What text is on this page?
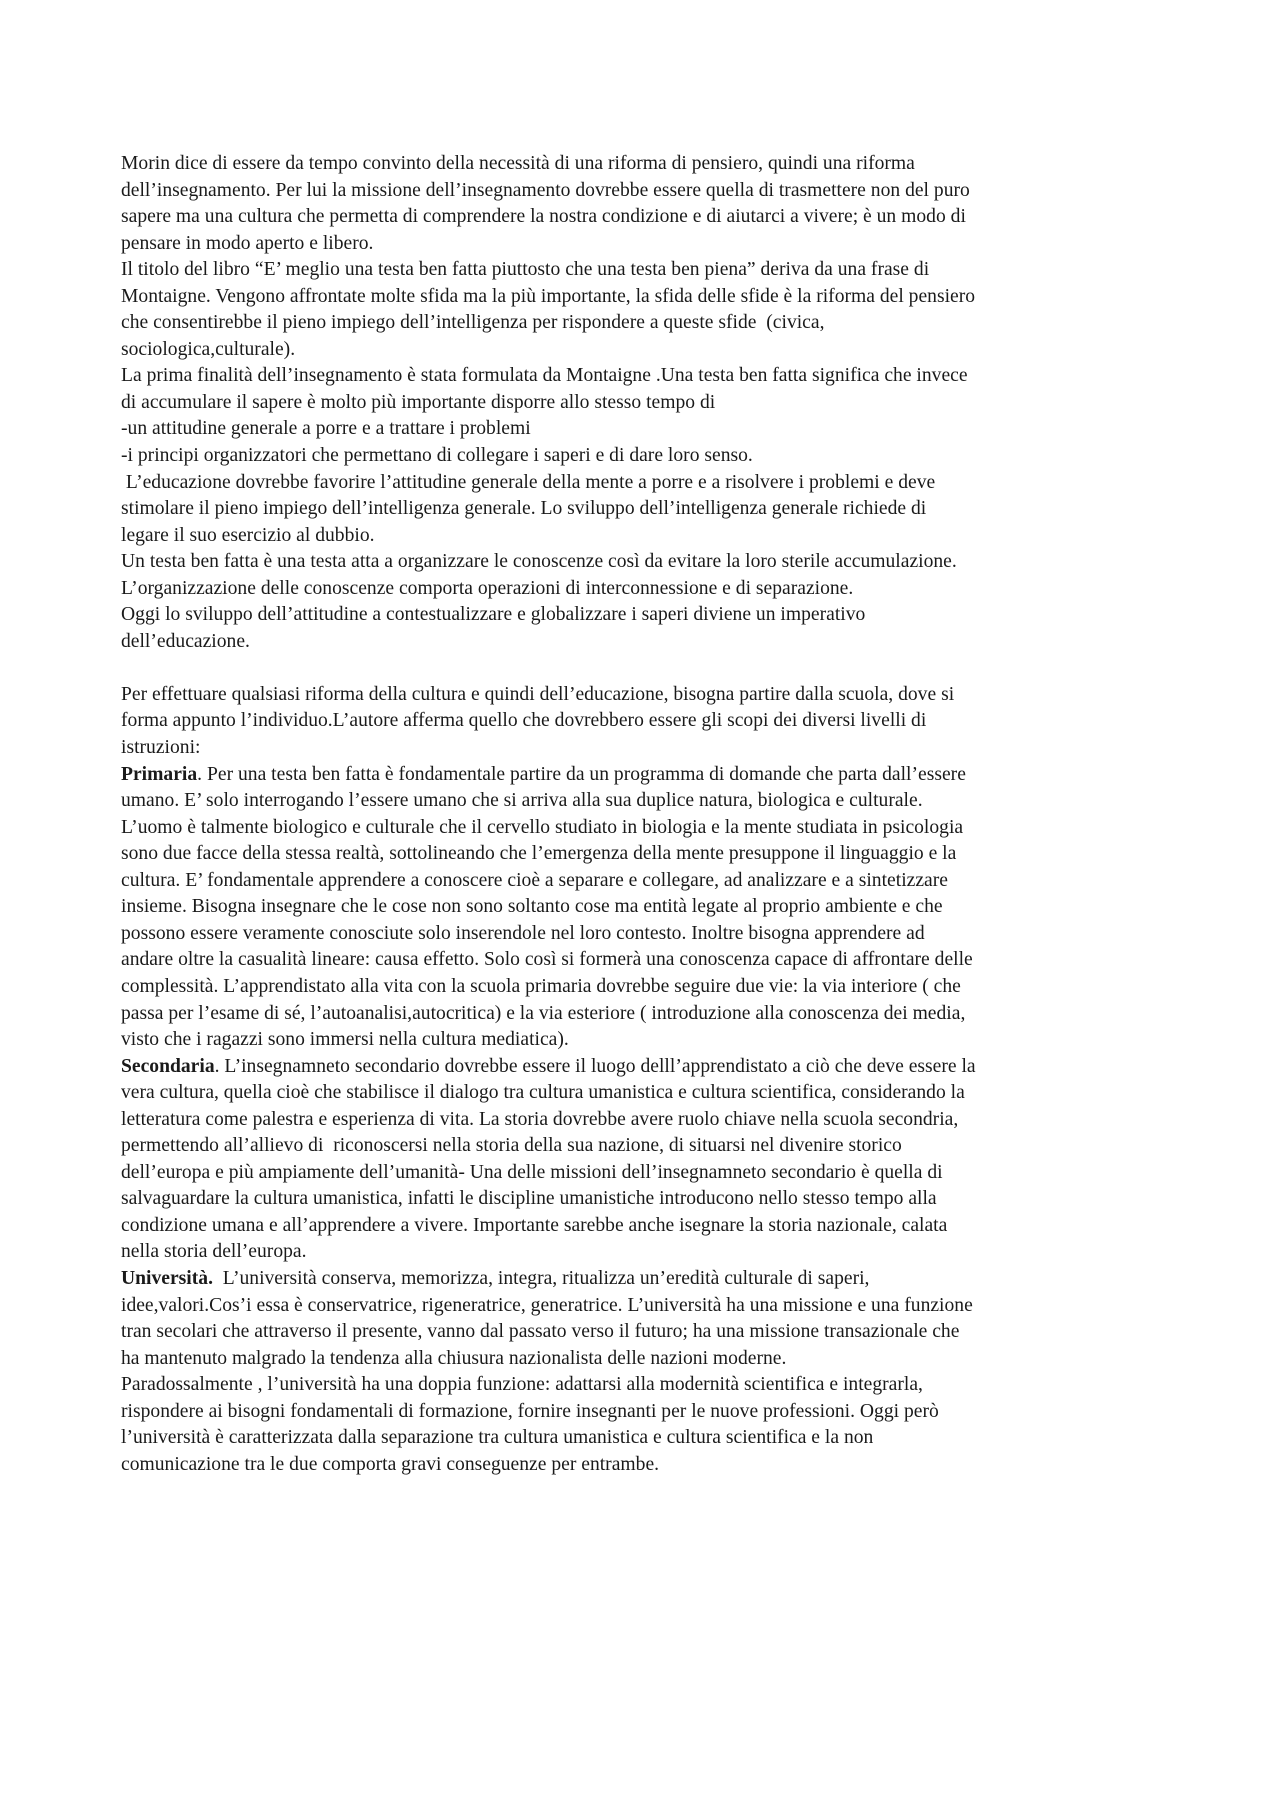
Morin dice di essere da tempo convinto della necessità di una riforma di pensiero, quindi una riforma
dell’insegnamento. Per lui la missione dell’insegnamento dovrebbe essere quella di trasmettere non del puro
sapere ma una cultura che permetta di comprendere la nostra condizione e di aiutarci a vivere; è un modo di
pensare in modo aperto e libero.
Il titolo del libro “E’ meglio una testa ben fatta piuttosto che una testa ben piena” deriva da una frase di
Montaigne. Vengono affrontate molte sfida ma la più importante, la sfida delle sfide è la riforma del pensiero
che consentirebbe il pieno impiego dell’intelligenza per rispondere a queste sfide  (civica,
sociologica,culturale).
La prima finalità dell’insegnamento è stata formulata da Montaigne .Una testa ben fatta significa che invece
di accumulare il sapere è molto più importante disporre allo stesso tempo di
-un attitudine generale a porre e a trattare i problemi
-i principi organizzatori che permettano di collegare i saperi e di dare loro senso.
L’educazione dovrebbe favorire l’attitudine generale della mente a porre e a risolvere i problemi e deve
stimolare il pieno impiego dell’intelligenza generale. Lo sviluppo dell’intelligenza generale richiede di
legare il suo esercizio al dubbio.
Un testa ben fatta è una testa atta a organizzare le conoscenze così da evitare la loro sterile accumulazione.
L’organizzazione delle conoscenze comporta operazioni di interconnessione e di separazione.
Oggi lo sviluppo dell’attitudine a contestualizzare e globalizzare i saperi diviene un imperativo
dell’educazione.
Per effettuare qualsiasi riforma della cultura e quindi dell’educazione, bisogna partire dalla scuola, dove si
forma appunto l’individuo.L’autore afferma quello che dovrebbero essere gli scopi dei diversi livelli di
istruzioni:
Primaria. Per una testa ben fatta è fondamentale partire da un programma di domande che parta dall’essere
umano. E’ solo interrogando l’essere umano che si arriva alla sua duplice natura, biologica e culturale.
L’uomo è talmente biologico e culturale che il cervello studiato in biologia e la mente studiata in psicologia
sono due facce della stessa realtà, sottolineando che l’emergenza della mente presuppone il linguaggio e la
cultura. E’ fondamentale apprendere a conoscere cioè a separare e collegare, ad analizzare e a sintetizzare
insieme. Bisogna insegnare che le cose non sono soltanto cose ma entità legate al proprio ambiente e che
possono essere veramente conosciute solo inserendole nel loro contesto. Inoltre bisogna apprendere ad
andare oltre la casualità lineare: causa effetto. Solo così si formerà una conoscenza capace di affrontare delle
complessità. L’apprendistato alla vita con la scuola primaria dovrebbe seguire due vie: la via interiore ( che
passa per l’esame di sé, l’autoanalisi,autocritica) e la via esteriore ( introduzione alla conoscenza dei media,
visto che i ragazzi sono immersi nella cultura mediatica).
Secondaria. L’insegnamneto secondario dovrebbe essere il luogo delll’apprendistato a ciò che deve essere la
vera cultura, quella cioè che stabilisce il dialogo tra cultura umanistica e cultura scientifica, considerando la
letteratura come palestra e esperienza di vita. La storia dovrebbe avere ruolo chiave nella scuola secondria,
permettendo all’allievo di  riconoscersi nella storia della sua nazione, di situarsi nel divenire storico
dell’europa e più ampiamente dell’umanità- Una delle missioni dell’insegnamneto secondario è quella di
salvaguardare la cultura umanistica, infatti le discipline umanistiche introducono nello stesso tempo alla
condizione umana e all’apprendere a vivere. Importante sarebbe anche isegnare la storia nazionale, calata
nella storia dell’europa.
Università.  L’università conserva, memorizza, integra, ritualizza un’eredità culturale di saperi,
idee,valori.Cos’i essa è conservatrice, rigeneratrice, generatrice. L’università ha una missione e una funzione
tran secolari che attraverso il presente, vanno dal passato verso il futuro; ha una missione transazionale che
ha mantenuto malgrado la tendenza alla chiusura nazionalista delle nazioni moderne.
Paradossalmente , l’università ha una doppia funzione: adattarsi alla modernità scientifica e integrarla,
rispondere ai bisogni fondamentali di formazione, fornire insegnanti per le nuove professioni. Oggi però
l’università è caratterizzata dalla separazione tra cultura umanistica e cultura scientifica e la non
comunicazione tra le due comporta gravi conseguenze per entrambe.
